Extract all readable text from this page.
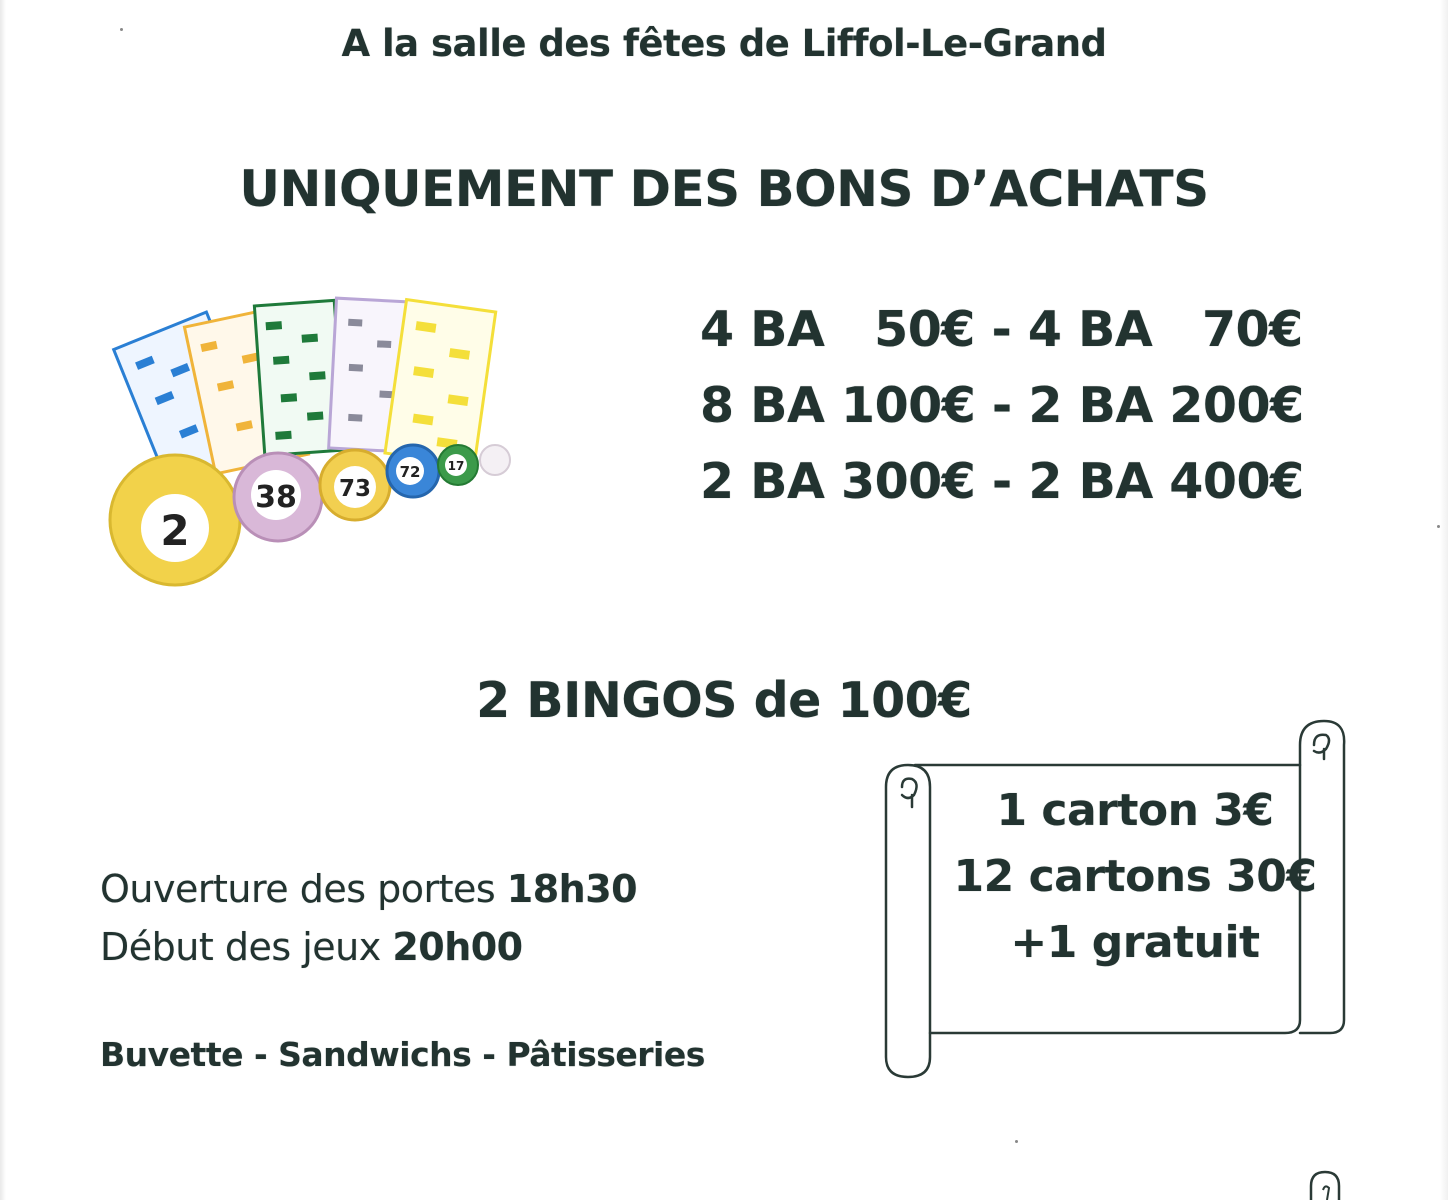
A la salle des fêtes de Liffol-Le-Grand
UNIQUEMENT DES BONS D’ACHATS
2
38 73
72 17
4 BA   50€ - 4 BA   70€
8 BA 100€ - 2 BA 200€
2 BA 300€ - 2 BA 400€
2 BINGOS de 100€
1 carton 3€
12 cartons 30€
+1 gratuit
Ouverture des portes 18h30
Début des jeux 20h00
Buvette - Sandwichs - Pâtisseries
